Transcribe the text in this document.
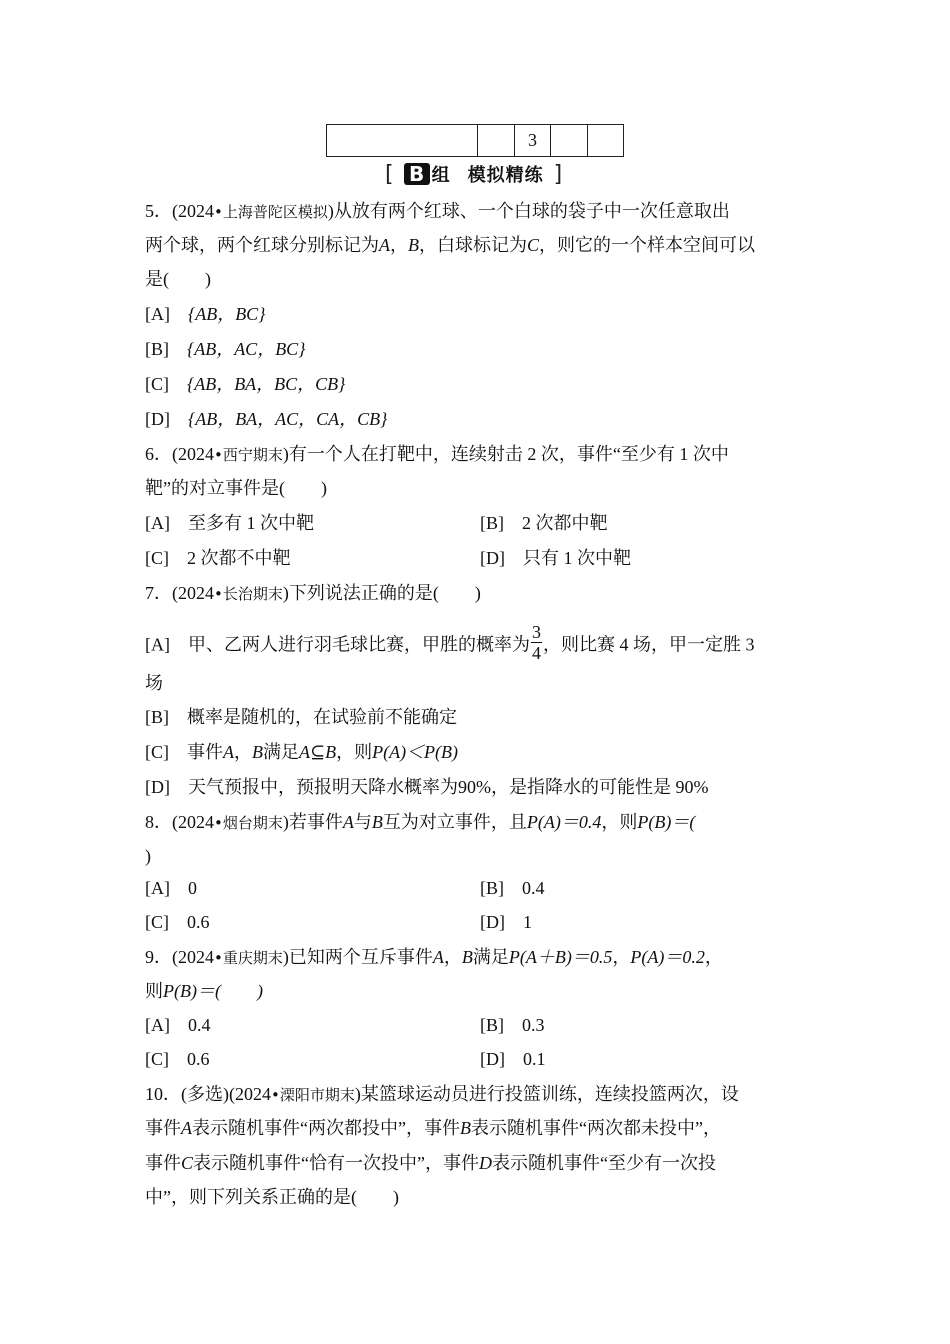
		3		
[ B 组 模拟精练 ]
5．(2024•上海普陀区模拟)从放有两个红球、一个白球的袋子中一次任意取出
两个球，两个红球分别标记为A，B，白球标记为C，则它的一个样本空间可以
是(　　)
[A]　 {AB，BC}
[B]　 {AB，AC，BC}
[C]　 {AB，BA，BC，CB}
[D]　 {AB，BA，AC，CA，CB}
6．(2024•西宁期末)有一个人在打靶中，连续射击 2 次，事件“至少有 1 次中
靶”的对立事件是(　　)
[A]　 至多有 1 次中靶	[B]　 2 次都中靶
[C]　 2 次都不中靶	[D]　 只有 1 次中靶
7．(2024•长治期末)下列说法正确的是(　　)
[A]　 甲、乙两人进行羽毛球比赛，甲胜的概率为 $\frac{3}{4}$ ，则比赛 4 场，甲一定胜 3
场
[B]　 概率是随机的，在试验前不能确定
[C]　 事件A，B满足A⊆B，则P(A)＜P(B)
[D]　 天气预报中，预报明天降水概率为90%，是指降水的可能性是 90%
8．(2024•烟台期末)若事件A与B互为对立事件，且P(A)＝0.4，则P(B)＝(
)
[A]　 0	[B]　 0.4
[C]　 0.6	[D]　 1
9．(2024•重庆期末)已知两个互斥事件A，B满足P(A＋B)＝0.5，P(A)＝0.2，
则P(B)＝(　　)
[A]　 0.4	[B]　 0.3
[C]　 0.6	[D]　 0.1
10．(多选)(2024•溧阳市期末)某篮球运动员进行投篮训练，连续投篮两次，设
事件A表示随机事件“两次都投中”，事件B表示随机事件“两次都未投中”，
事件C表示随机事件“恰有一次投中”，事件D表示随机事件“至少有一次投
中”，则下列关系正确的是(　　)
